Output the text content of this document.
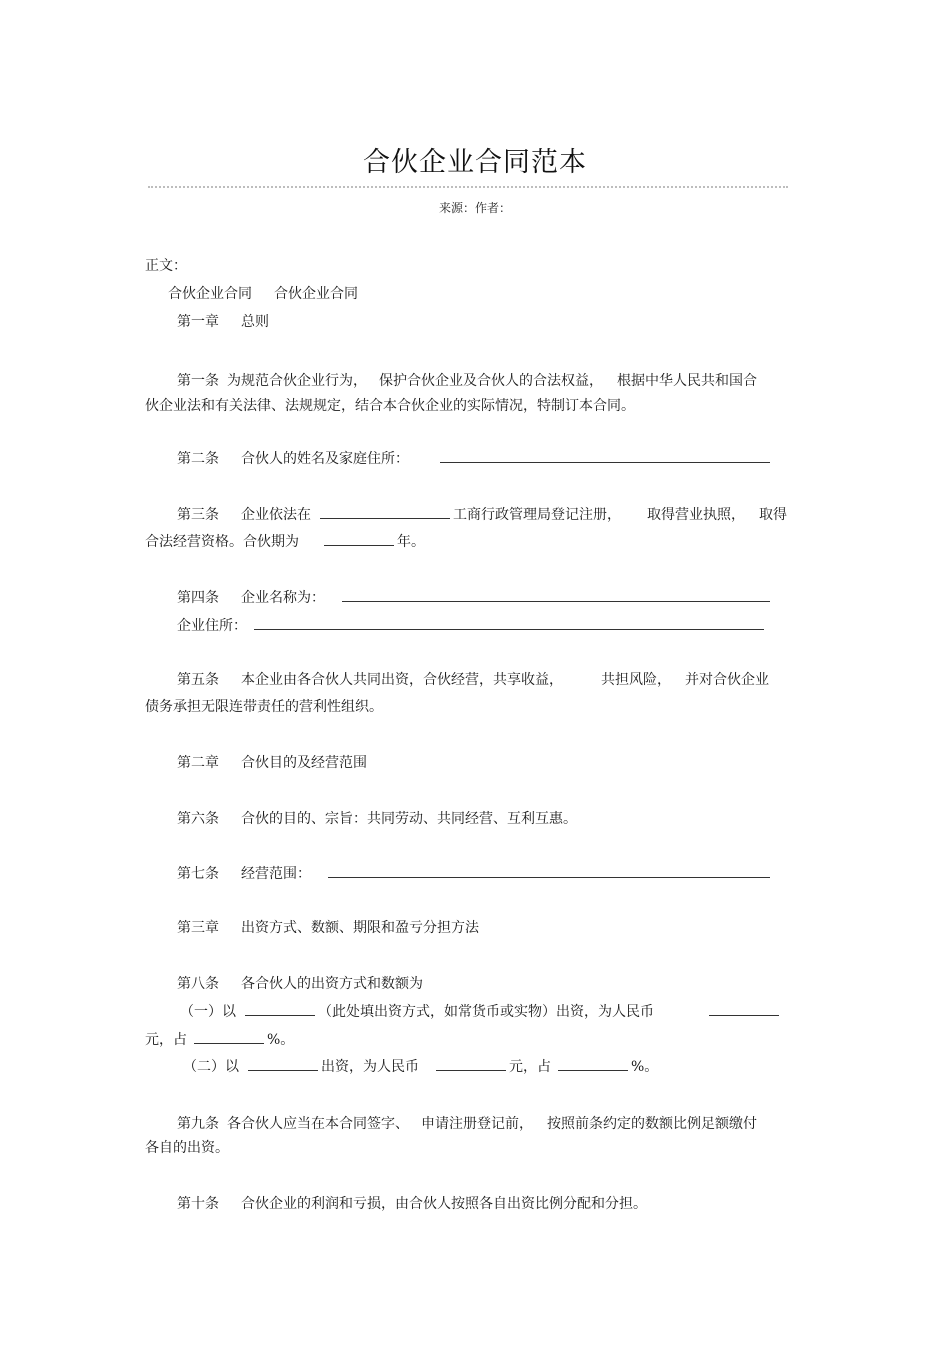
合伙企业合同范本
来源：作者：
正文：
合伙企业合同 合伙企业合同
第一章 总则
第一条 为规范合伙企业行为， 保护合伙企业及合伙人的合法权益， 根据中华人民共和国合
伙企业法和有关法律、法规规定，结合本合伙企业的实际情况，特制订本合同。
第二条 合伙人的姓名及家庭住所：
第三条 企业依法在	工商行政管理局登记注册， 取得营业执照， 取得
合法经营资格。合伙期为	年。
第四条 企业名称为：
企业住所：
第五条 本企业由各合伙人共同出资，合伙经营，共享收益，	共担风险， 并对合伙企业
债务承担无限连带责任的营利性组织。
第二章 合伙目的及经营范围
第六条 合伙的目的、宗旨：共同劳动、共同经营、互利互惠。
第七条 经营范围：
第三章 出资方式、数额、期限和盈亏分担方法
第八条 各合伙人的出资方式和数额为
（一）以	（此处填出资方式，如常货币或实物）出资，为人民币
元，占	%。
（二）以	出资，为人民币	元，占	%。
第九条 各合伙人应当在本合同签字、 申请注册登记前， 按照前条约定的数额比例足额缴付
各自的出资。
第十条 合伙企业的利润和亏损，由合伙人按照各自出资比例分配和分担。
